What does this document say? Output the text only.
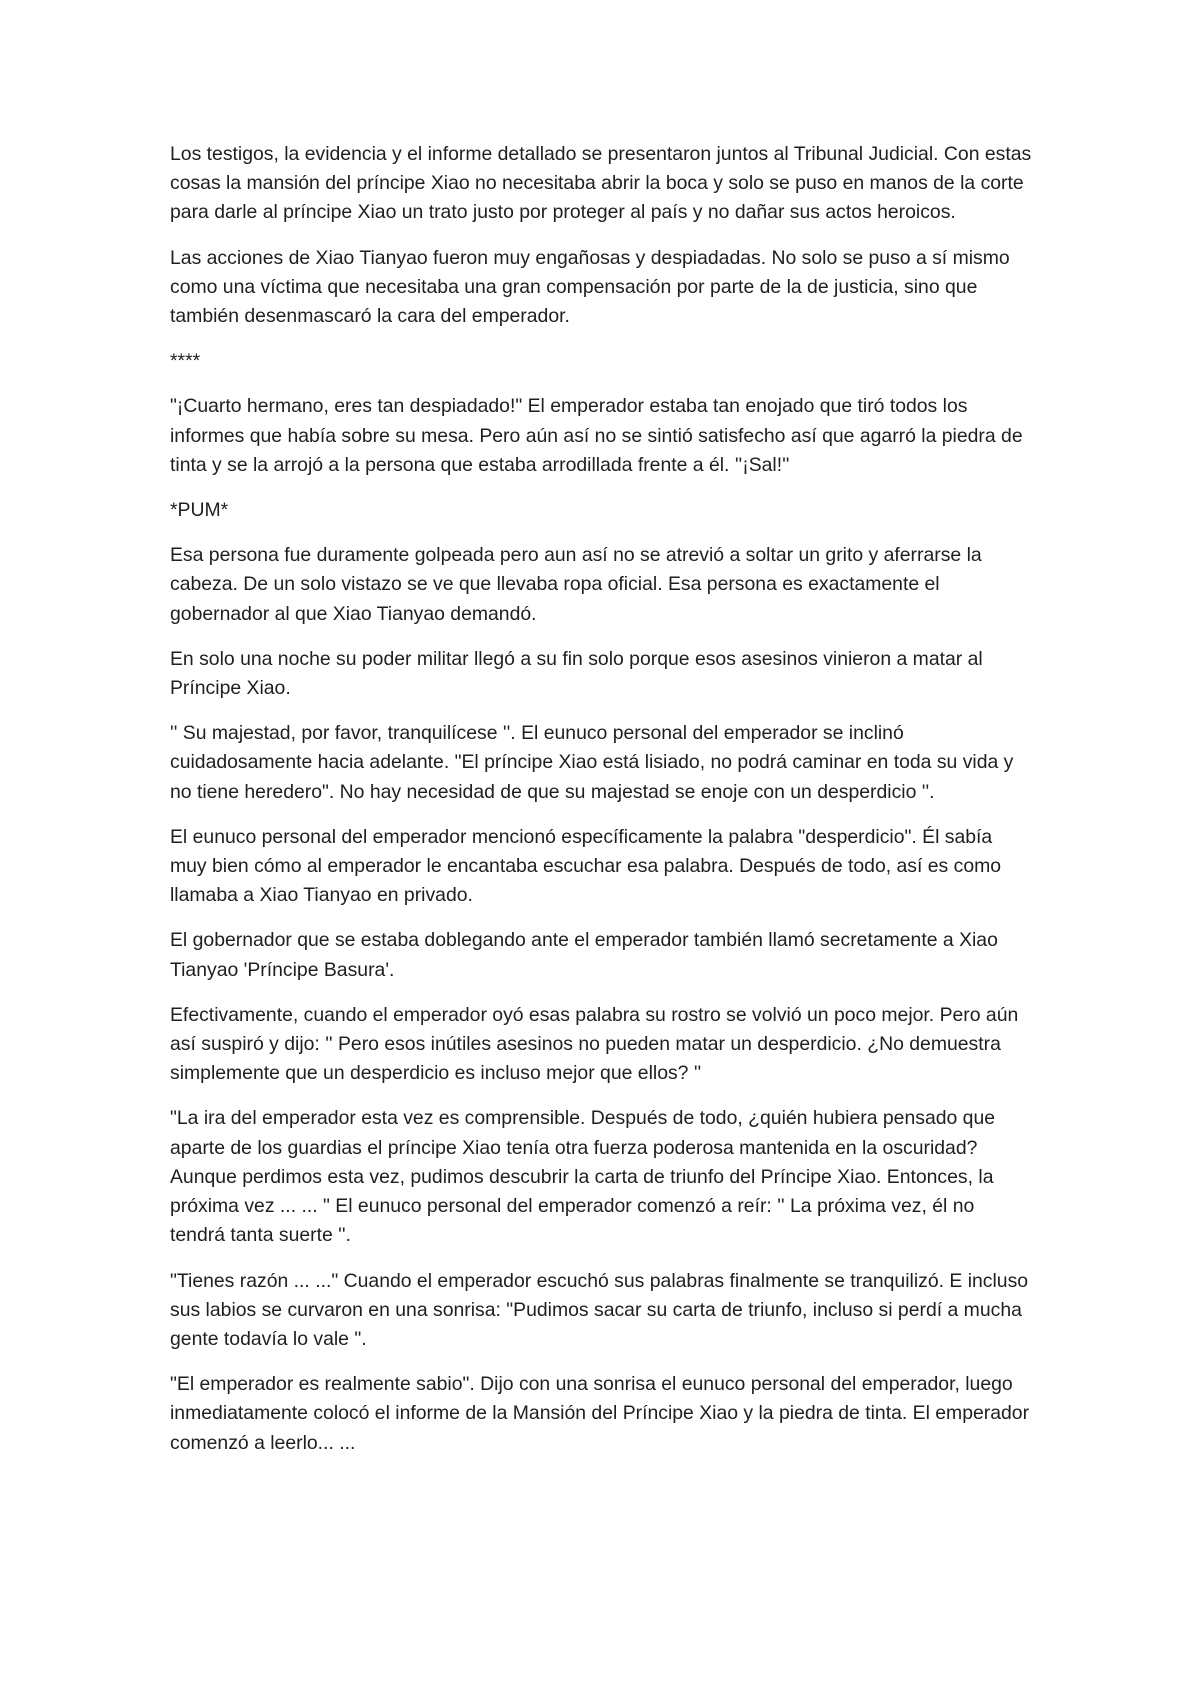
Los testigos, la evidencia y el informe detallado se presentaron juntos al Tribunal Judicial. Con estas cosas la mansión del príncipe Xiao no necesitaba abrir la boca y solo se puso en manos de la corte para darle al príncipe Xiao un trato justo por proteger al país y no dañar sus actos heroicos.

Las acciones de Xiao Tianyao fueron muy engañosas y despiadadas. No solo se puso a sí mismo como una víctima que necesitaba una gran compensación por parte de la de justicia, sino que también desenmascaró la cara del emperador.

****

"¡Cuarto hermano, eres tan despiadado!" El emperador estaba tan enojado que tiró todos los informes que había sobre su mesa. Pero aún así no se sintió satisfecho así que agarró la piedra de tinta y se la arrojó a la persona que estaba arrodillada frente a él. ''¡Sal!''

*PUM*

Esa persona fue duramente golpeada pero aun así no se atrevió a soltar un grito y aferrarse la cabeza. De un solo vistazo se ve que llevaba ropa oficial. Esa persona es exactamente el gobernador al que Xiao Tianyao demandó.

En solo una noche su poder militar llegó a su fin solo porque esos asesinos vinieron a matar al Príncipe Xiao.

'' Su majestad, por favor, tranquilícese ''. El eunuco personal del emperador se inclinó cuidadosamente hacia adelante. "El príncipe Xiao está lisiado, no podrá caminar en toda su vida y no tiene heredero". No hay necesidad de que su majestad se enoje con un desperdicio ''.

El eunuco personal del emperador mencionó específicamente la palabra "desperdicio". Él sabía muy bien cómo al emperador le encantaba escuchar esa palabra. Después de todo, así es como llamaba a Xiao Tianyao en privado.

El gobernador que se estaba doblegando ante el emperador también llamó secretamente a Xiao Tianyao 'Príncipe Basura'.

Efectivamente, cuando el emperador oyó esas palabra su rostro se volvió un poco mejor. Pero aún así suspiró y dijo: '' Pero esos inútiles asesinos no pueden matar un desperdicio. ¿No demuestra simplemente que un desperdicio es incluso mejor que ellos? ''

"La ira del emperador esta vez es comprensible. Después de todo, ¿quién hubiera pensado que aparte de los guardias el príncipe Xiao tenía otra fuerza poderosa mantenida en la oscuridad? Aunque perdimos esta vez, pudimos descubrir la carta de triunfo del Príncipe Xiao. Entonces, la próxima vez ... ... " El eunuco personal del emperador comenzó a reír: '' La próxima vez, él no tendrá tanta suerte ''.

"Tienes razón ... ..." Cuando el emperador escuchó sus palabras finalmente se tranquilizó. E incluso sus labios se curvaron en una sonrisa: "Pudimos sacar su carta de triunfo, incluso si perdí a mucha gente todavía lo vale ".

"El emperador es realmente sabio". Dijo con una sonrisa el eunuco personal del emperador, luego inmediatamente colocó el informe de la Mansión del Príncipe Xiao y la piedra de tinta. El emperador comenzó a leerlo... ...
